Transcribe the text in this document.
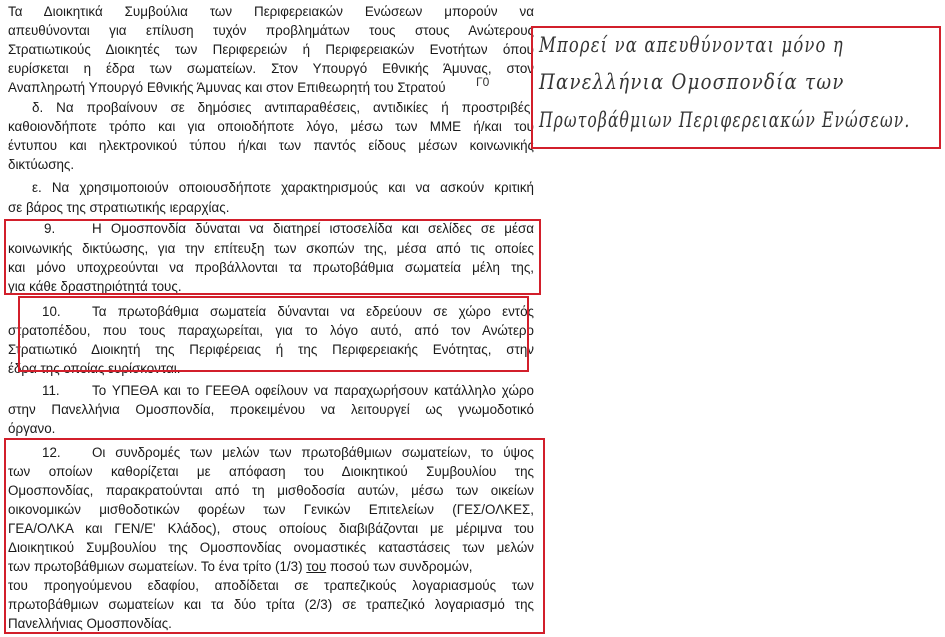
Τα Διοικητικά Συμβούλια των Περιφερειακών Ενώσεων μπορούν να
απευθύνονται για επίλυση τυχόν προβλημάτων τους στους Ανώτερους
Στρατιωτικούς Διοικητές των Περιφερειών ή Περιφερειακών Ενοτήτων όπου
ευρίσκεται η έδρα των σωματείων. Στον Υπουργό Εθνικής Άμυνας, στον
Αναπληρωτή Υπουργό Εθνικής Άμυνας και στον Επιθεωρητή του Στρατού	Γ0
δ. Να προβαίνουν σε δημόσιες αντιπαραθέσεις, αντιδικίες ή προστριβές,
καθοιονδήποτε τρόπο και για οποιοδήποτε λόγο, μέσω των ΜΜΕ ή/και του
έντυπου και ηλεκτρονικού τύπου ή/και των παντός είδους μέσων κοινωνικής
δικτύωσης.
ε. Να χρησιμοποιούν οποιουσδήποτε χαρακτηρισμούς και να ασκούν κριτική
σε βάρος της στρατιωτικής ιεραρχίας.
9.	Η Ομοσπονδία δύναται να διατηρεί ιστοσελίδα και σελίδες σε μέσα
κοινωνικής δικτύωσης, για την επίτευξη των σκοπών της, μέσα από τις οποίες
και μόνο υποχρεούνται να προβάλλονται τα πρωτοβάθμια σωματεία μέλη της,
για κάθε δραστηριότητά τους.
10.	Τα πρωτοβάθμια σωματεία δύνανται να εδρεύουν σε χώρο εντός
στρατοπέδου, που τους παραχωρείται, για το λόγο αυτό, από τον Ανώτερο
Στρατιωτικό Διοικητή της Περιφέρειας ή της Περιφερειακής Ενότητας, στην
έδρα της οποίας ευρίσκονται.
11.	Το ΥΠΕΘΑ και το ΓΕΕΘΑ οφείλουν να παραχωρήσουν κατάλληλο χώρο
στην Πανελλήνια Ομοσπονδία, προκειμένου να λειτουργεί ως γνωμοδοτικό
όργανο.
12.	Οι συνδρομές των μελών των πρωτοβάθμιων σωματείων, το ύψος
των οποίων καθορίζεται με απόφαση του Διοικητικού Συμβουλίου της
Ομοσπονδίας, παρακρατούνται από τη μισθοδοσία αυτών, μέσω των οικείων
οικονομικών μισθοδοτικών φορέων των Γενικών Επιτελείων (ΓΕΣ/ΟΛΚΕΣ,
ΓΕΑ/ΟΛΚΑ και ΓΕΝ/Ε' Κλάδος), στους οποίους διαβιβάζονται με μέριμνα του
Διοικητικού Συμβουλίου της Ομοσπονδίας ονομαστικές καταστάσεις των μελών
των πρωτοβάθμιων σωματείων. Το ένα τρίτο (1/3) του ποσού των συνδρομών,
του προηγούμενου εδαφίου, αποδίδεται σε τραπεζικούς λογαριασμούς των
πρωτοβάθμιων σωματείων και τα δύο τρίτα (2/3) σε τραπεζικό λογαριασμό της
Πανελλήνιας Ομοσπονδίας.
Μπορεί να απευθύνονται μόνο η
Πανελλήνια Ομοσπονδία των
Πρωτοβάθμιων Περιφερειακών Ενώσεων.
